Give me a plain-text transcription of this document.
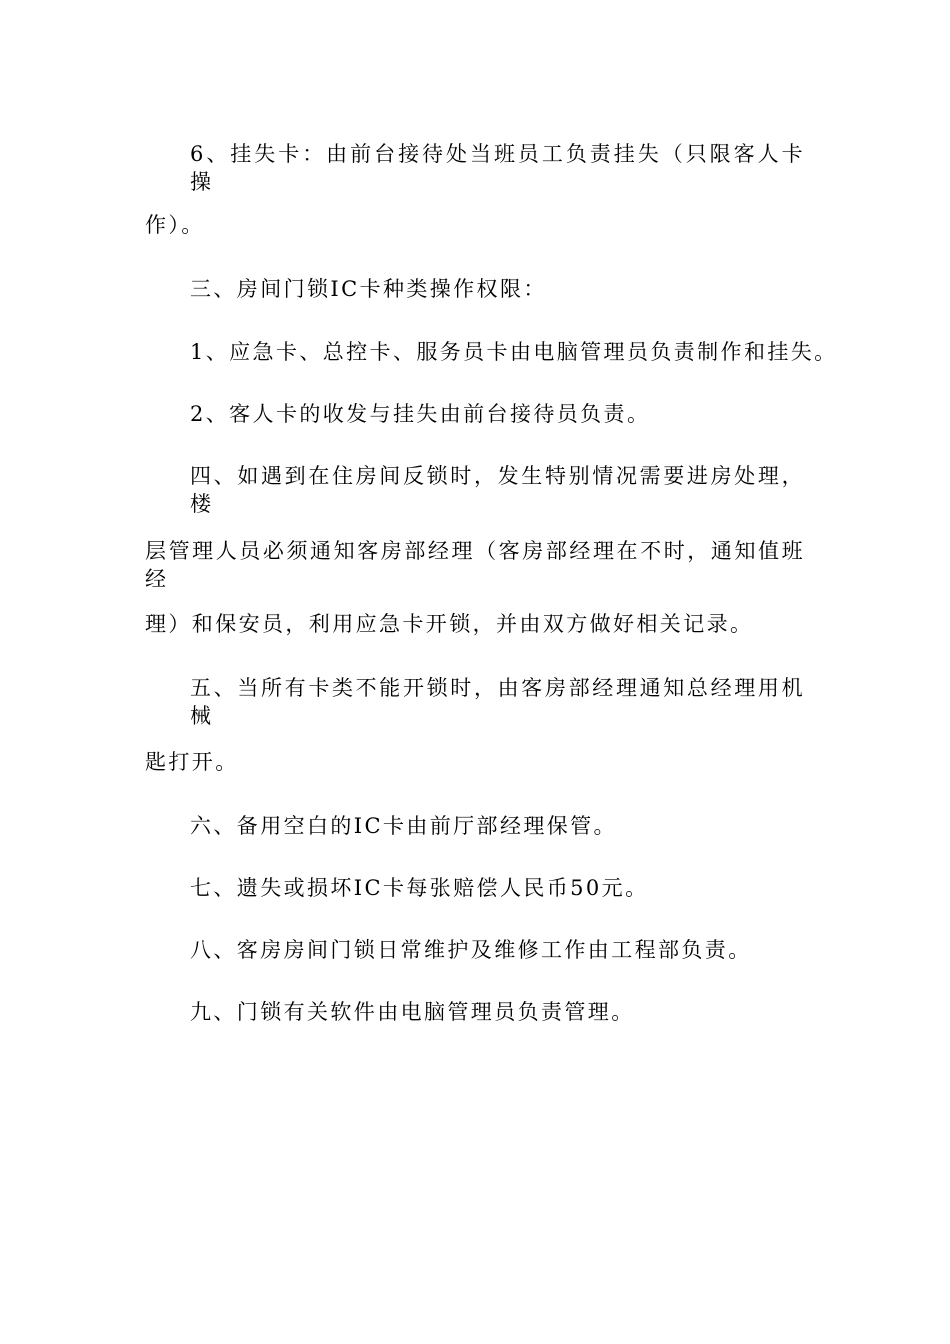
6、挂失卡：由前台接待处当班员工负责挂失（只限客人卡操
作）。
三、房间门锁IC卡种类操作权限：
1、应急卡、总控卡、服务员卡由电脑管理员负责制作和挂失。
2、客人卡的收发与挂失由前台接待员负责。
四、如遇到在住房间反锁时，发生特别情况需要进房处理，楼
层管理人员必须通知客房部经理（客房部经理在不时，通知值班经
理）和保安员，利用应急卡开锁，并由双方做好相关记录。
五、当所有卡类不能开锁时，由客房部经理通知总经理用机械
匙打开。
六、备用空白的IC卡由前厅部经理保管。
七、遗失或损坏IC卡每张赔偿人民币50元。
八、客房房间门锁日常维护及维修工作由工程部负责。
九、门锁有关软件由电脑管理员负责管理。
